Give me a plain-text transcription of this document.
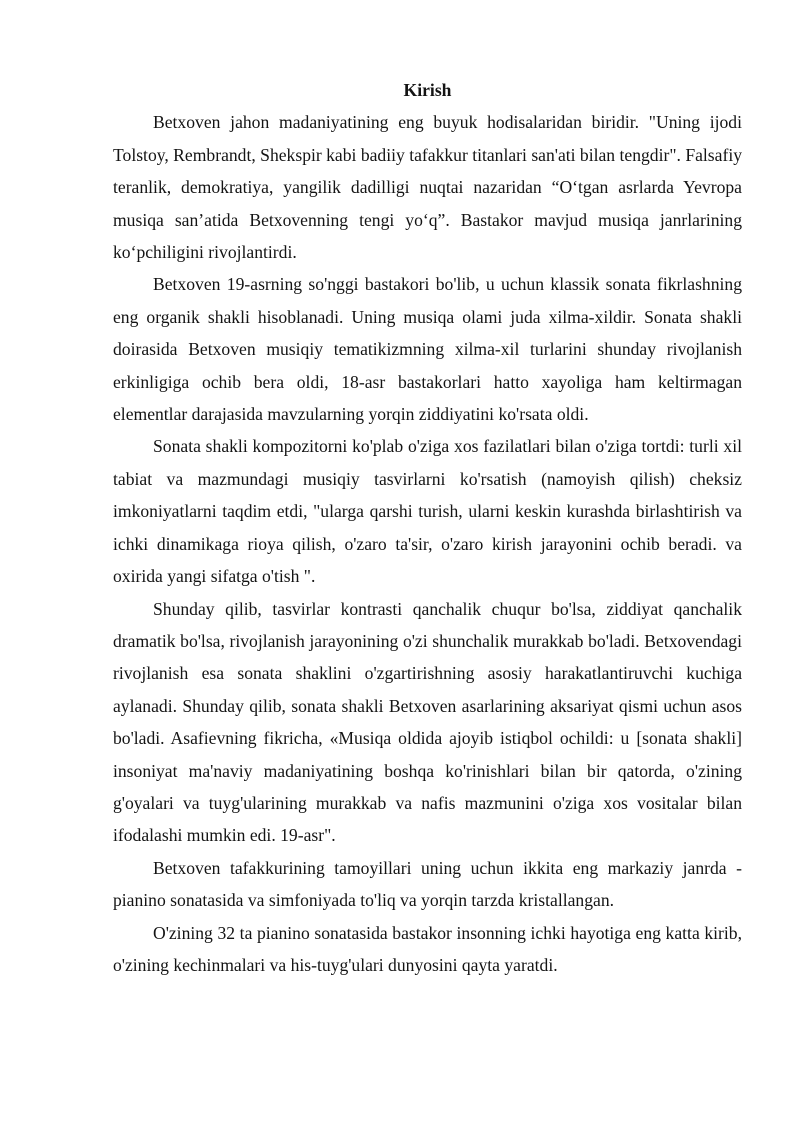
Kirish

Betxoven jahon madaniyatining eng buyuk hodisalaridan biridir. "Uning ijodi Tolstoy, Rembrandt, Shekspir kabi badiiy tafakkur titanlari san'ati bilan tengdir". Falsafiy teranlik, demokratiya, yangilik dadilligi nuqtai nazaridan “O‘tgan asrlarda Yevropa musiqa san’atida Betxovenning tengi yo‘q”. Bastakor mavjud musiqa janrlarining ko‘pchiligini rivojlantirdi.

Betxoven 19-asrning so'nggi bastakori bo'lib, u uchun klassik sonata fikrlashning eng organik shakli hisoblanadi. Uning musiqa olami juda xilma-xildir. Sonata shakli doirasida Betxoven musiqiy tematikizmning xilma-xil turlarini shunday rivojlanish erkinligiga ochib bera oldi, 18-asr bastakorlari hatto xayoliga ham keltirmagan elementlar darajasida mavzularning yorqin ziddiyatini ko'rsata oldi.

Sonata shakli kompozitorni ko'plab o'ziga xos fazilatlari bilan o'ziga tortdi: turli xil tabiat va mazmundagi musiqiy tasvirlarni ko'rsatish (namoyish qilish) cheksiz imkoniyatlarni taqdim etdi, "ularga qarshi turish, ularni keskin kurashda birlashtirish va ichki dinamikaga rioya qilish, o'zaro ta'sir, o'zaro kirish jarayonini ochib beradi. va oxirida yangi sifatga o'tish ".

Shunday qilib, tasvirlar kontrasti qanchalik chuqur bo'lsa, ziddiyat qanchalik dramatik bo'lsa, rivojlanish jarayonining o'zi shunchalik murakkab bo'ladi. Betxovendagi rivojlanish esa sonata shaklini o'zgartirishning asosiy harakatlantiruvchi kuchiga aylanadi. Shunday qilib, sonata shakli Betxoven asarlarining aksariyat qismi uchun asos bo'ladi. Asafievning fikricha, «Musiqa oldida ajoyib istiqbol ochildi: u [sonata shakli] insoniyat ma'naviy madaniyatining boshqa ko'rinishlari bilan bir qatorda, o'zining g'oyalari va tuyg'ularining murakkab va nafis mazmunini o'ziga xos vositalar bilan ifodalashi mumkin edi. 19-asr".

Betxoven tafakkurining tamoyillari uning uchun ikkita eng markaziy janrda - pianino sonatasida va simfoniyada to'liq va yorqin tarzda kristallangan.

O'zining 32 ta pianino sonatasida bastakor insonning ichki hayotiga eng katta kirib, o'zining kechinmalari va his-tuyg'ulari dunyosini qayta yaratdi.
